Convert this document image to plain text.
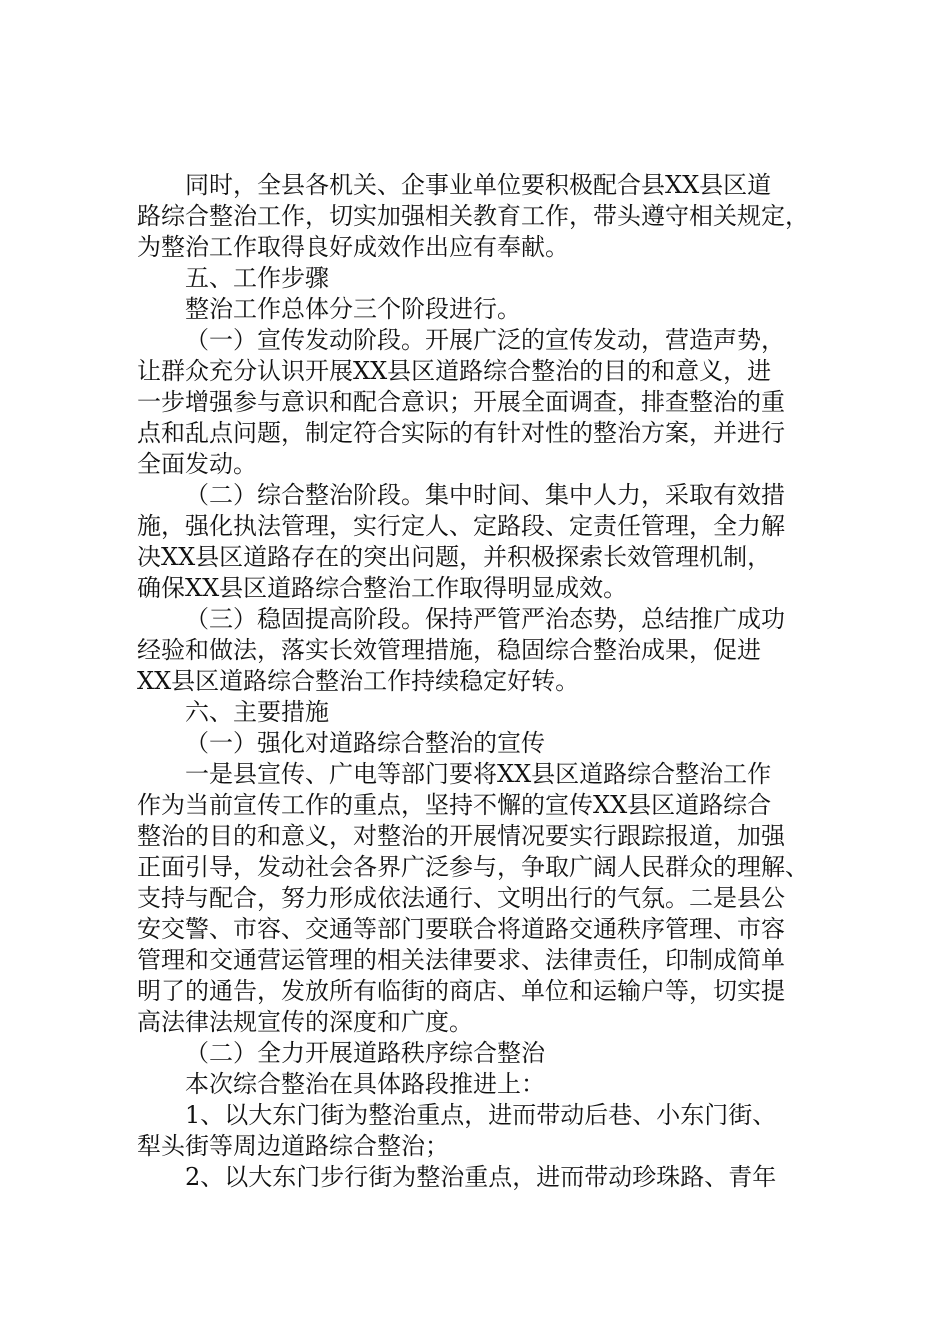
同时，全县各机关、企事业单位要积极配合县XX县区道
路综合整治工作，切实加强相关教育工作，带头遵守相关规定，
为整治工作取得良好成效作出应有奉献。
五、工作步骤
整治工作总体分三个阶段进行。
（一）宣传发动阶段。开展广泛的宣传发动，营造声势，
让群众充分认识开展XX县区道路综合整治的目的和意义，进
一步增强参与意识和配合意识；开展全面调查，排查整治的重
点和乱点问题，制定符合实际的有针对性的整治方案，并进行
全面发动。
（二）综合整治阶段。集中时间、集中人力，采取有效措
施，强化执法管理，实行定人、定路段、定责任管理，全力解
决XX县区道路存在的突出问题，并积极探索长效管理机制，
确保XX县区道路综合整治工作取得明显成效。
（三）稳固提高阶段。保持严管严治态势，总结推广成功
经验和做法，落实长效管理措施，稳固综合整治成果，促进
XX县区道路综合整治工作持续稳定好转。
六、主要措施
（一）强化对道路综合整治的宣传
一是县宣传、广电等部门要将XX县区道路综合整治工作
作为当前宣传工作的重点，坚持不懈的宣传XX县区道路综合
整治的目的和意义，对整治的开展情况要实行跟踪报道，加强
正面引导，发动社会各界广泛参与，争取广阔人民群众的理解、
支持与配合，努力形成依法通行、文明出行的气氛。二是县公
安交警、市容、交通等部门要联合将道路交通秩序管理、市容
管理和交通营运管理的相关法律要求、法律责任，印制成简单
明了的通告，发放所有临街的商店、单位和运输户等，切实提
高法律法规宣传的深度和广度。
（二）全力开展道路秩序综合整治
本次综合整治在具体路段推进上：
1、以大东门街为整治重点，进而带动后巷、小东门街、
犁头街等周边道路综合整治；
2、以大东门步行街为整治重点，进而带动珍珠路、青年
